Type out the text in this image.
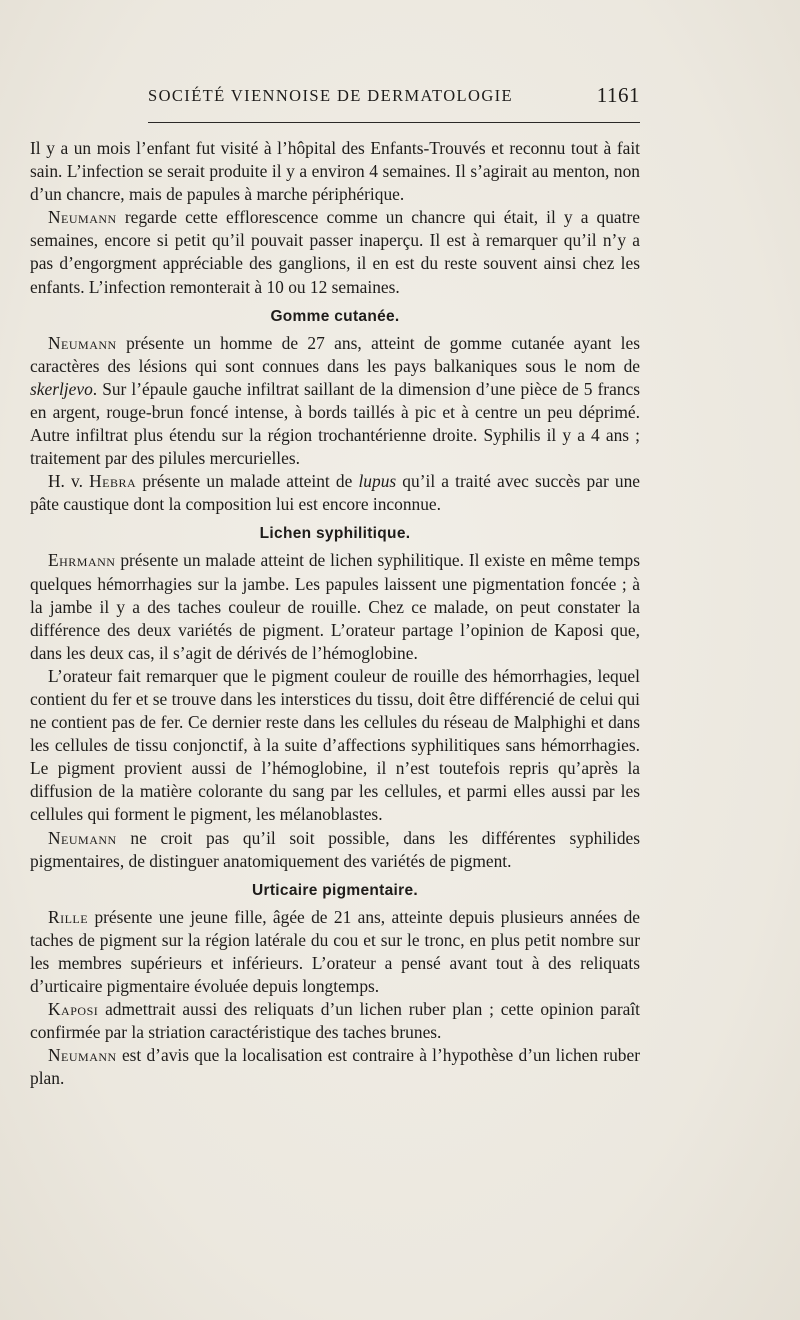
SOCIÉTÉ VIENNOISE DE DERMATOLOGIE	1161

Il y a un mois l’enfant fut visité à l’hôpital des Enfants-Trouvés et reconnu tout à fait sain. L’infection se serait produite il y a environ 4 semaines. Il s’agirait au menton, non d’un chancre, mais de papules à marche périphérique.

Neumann regarde cette efflorescence comme un chancre qui était, il y a quatre semaines, encore si petit qu’il pouvait passer inaperçu. Il est à remarquer qu’il n’y a pas d’engorgment appréciable des ganglions, il en est du reste souvent ainsi chez les enfants. L’infection remonterait à 10 ou 12 semaines.

Gomme cutanée.

Neumann présente un homme de 27 ans, atteint de gomme cutanée ayant les caractères des lésions qui sont connues dans les pays balkaniques sous le nom de skerljevo. Sur l’épaule gauche infiltrat saillant de la dimension d’une pièce de 5 francs en argent, rouge-brun foncé intense, à bords taillés à pic et à centre un peu déprimé. Autre infiltrat plus étendu sur la région trochantérienne droite. Syphilis il y a 4 ans ; traitement par des pilules mercurielles.

H. v. Hebra présente un malade atteint de lupus qu’il a traité avec succès par une pâte caustique dont la composition lui est encore inconnue.

Lichen syphilitique.

Ehrmann présente un malade atteint de lichen syphilitique. Il existe en même temps quelques hémorrhagies sur la jambe. Les papules laissent une pigmentation foncée ; à la jambe il y a des taches couleur de rouille. Chez ce malade, on peut constater la différence des deux variétés de pigment. L’orateur partage l’opinion de Kaposi que, dans les deux cas, il s’agit de dérivés de l’hémoglobine.

L’orateur fait remarquer que le pigment couleur de rouille des hémorrhagies, lequel contient du fer et se trouve dans les interstices du tissu, doit être différencié de celui qui ne contient pas de fer. Ce dernier reste dans les cellules du réseau de Malphighi et dans les cellules de tissu conjonctif, à la suite d’affections syphilitiques sans hémorrhagies. Le pigment provient aussi de l’hémoglobine, il n’est toutefois repris qu’après la diffusion de la matière colorante du sang par les cellules, et parmi elles aussi par les cellules qui forment le pigment, les mélanoblastes.

Neumann ne croit pas qu’il soit possible, dans les différentes syphilides pigmentaires, de distinguer anatomiquement des variétés de pigment.

Urticaire pigmentaire.

Rille présente une jeune fille, âgée de 21 ans, atteinte depuis plusieurs années de taches de pigment sur la région latérale du cou et sur le tronc, en plus petit nombre sur les membres supérieurs et inférieurs. L’orateur a pensé avant tout à des reliquats d’urticaire pigmentaire évoluée depuis longtemps.

Kaposi admettrait aussi des reliquats d’un lichen ruber plan ; cette opinion paraît confirmée par la striation caractéristique des taches brunes.

Neumann est d’avis que la localisation est contraire à l’hypothèse d’un lichen ruber plan.
